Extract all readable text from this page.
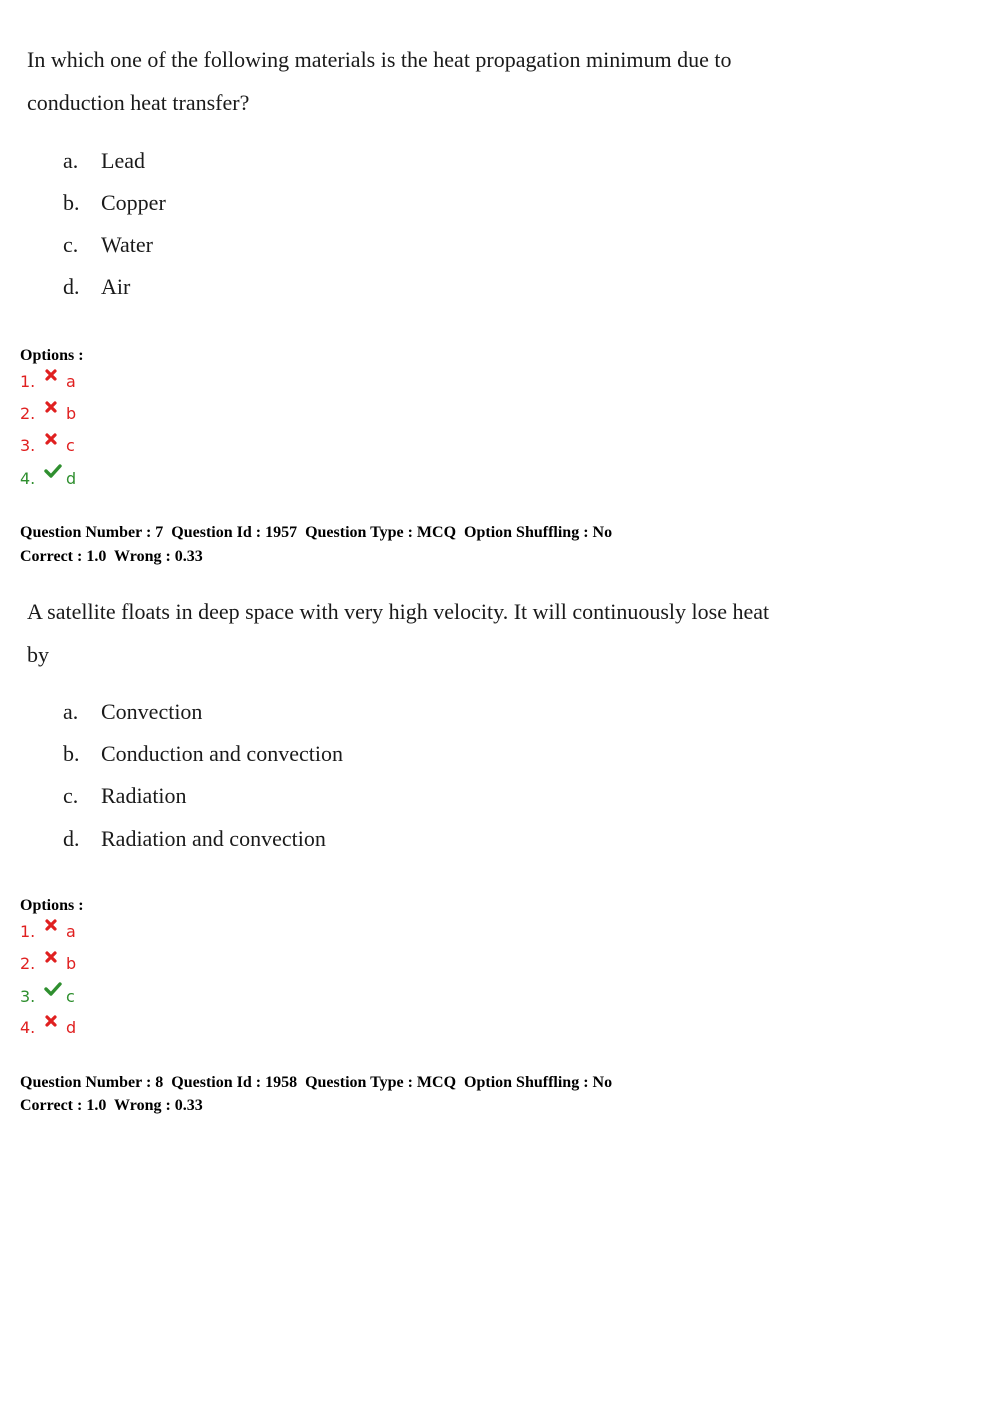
In which one of the following materials is the heat propagation minimum due to
conduction heat transfer?
a. Lead
b. Copper
c. Water
d. Air
Options :
1. a
2. b
3. c
4. d
Question Number : 7  Question Id : 1957  Question Type : MCQ  Option Shuffling : No
Correct : 1.0  Wrong : 0.33
A satellite floats in deep space with very high velocity. It will continuously lose heat
by
a. Convection
b. Conduction and convection
c. Radiation
d. Radiation and convection
Options :
1. a
2. b
3. c
4. d
Question Number : 8  Question Id : 1958  Question Type : MCQ  Option Shuffling : No
Correct : 1.0  Wrong : 0.33
